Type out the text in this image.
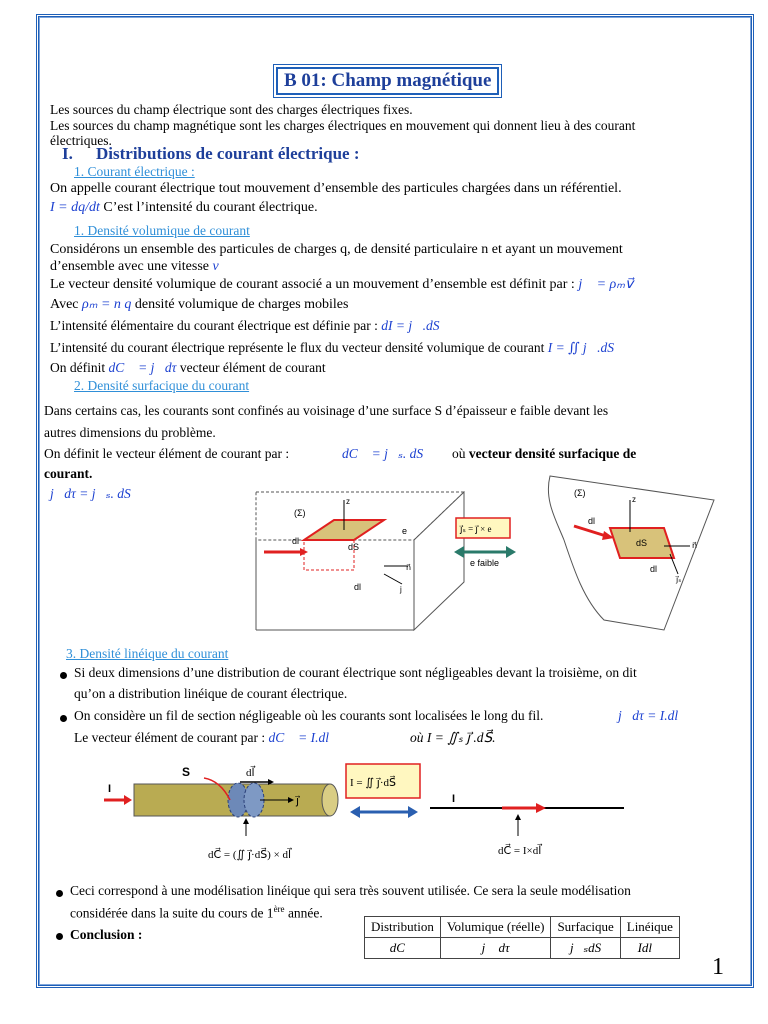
B 01: Champ magnétique
Les sources du champ électrique sont des charges électriques fixes.
Les sources du champ magnétique sont les charges électriques en mouvement qui donnent lieu à des courant
électriques.
I. Distributions de courant électrique :
1. Courant électrique :
On appelle courant électrique tout mouvement d’ensemble des particules chargées dans un référentiel.
I = dq/dt C’est l’intensité du courant électrique.
1. Densité volumique de courant
Considérons un ensemble des particules de charges q, de densité particulaire n et ayant un mouvement
d’ensemble avec une vitesse v⃗
Le vecteur densité volumique de courant associé a un mouvement d’ensemble est définit par : j⃗ = ρₘv⃗
Avec ρₘ = n q densité volumique de charges mobiles
L’intensité élémentaire du courant électrique est définie par : dI = j⃗.dS⃗
L’intensité du courant électrique représente le flux du vecteur densité volumique de courant I = ∬ j⃗.dS⃗
On définit dC⃗ = j⃗dτ vecteur élément de courant
2. Densité surfacique du courant
Dans certains cas, les courants sont confinés au voisinage d’une surface S d’épaisseur e faible devant les
autres dimensions du problème.
On définit le vecteur élément de courant par :	dC⃗ = j⃗ₛ. dS où vecteur densité surfacique de
courant.
j⃗dτ = j⃗ₛ. dS
(Σ)
dS
dl
dl
z
e
n⃗
j
j⃗ₛ = j⃗ × e
e faible
(Σ)
dS
dl
dl
z
n⃗
j⃗ₛ
3. Densité linéique du courant
Si deux dimensions d’une distribution de courant électrique sont négligeables devant la troisième, on dit
qu’on a distribution linéique de courant électrique.
On considère un fil de section négligeable où les courants sont localisées le long du fil.	j⃗dτ = I.dl⃗
Le vecteur élément de courant par : dC⃗ = I.dl⃗	où I = ∬ₛ j⃗ .dS⃗.
I
S	dl⃗
j⃗
dC⃗ = (∬ j⃗·dS⃗) × dl⃗
I = ∬ j⃗·dS⃗
I
dC⃗ = I×dl⃗
Ceci correspond à une modélisation linéique qui sera très souvent utilisée. Ce sera la seule modélisation
considérée dans la suite du cours de 1ère année.
Conclusion :
Distribution	Volumique (réelle)	Surfacique	Linéique
dC⃗	j⃗ dτ	j⃗ₛdS	Idl⃗
1
